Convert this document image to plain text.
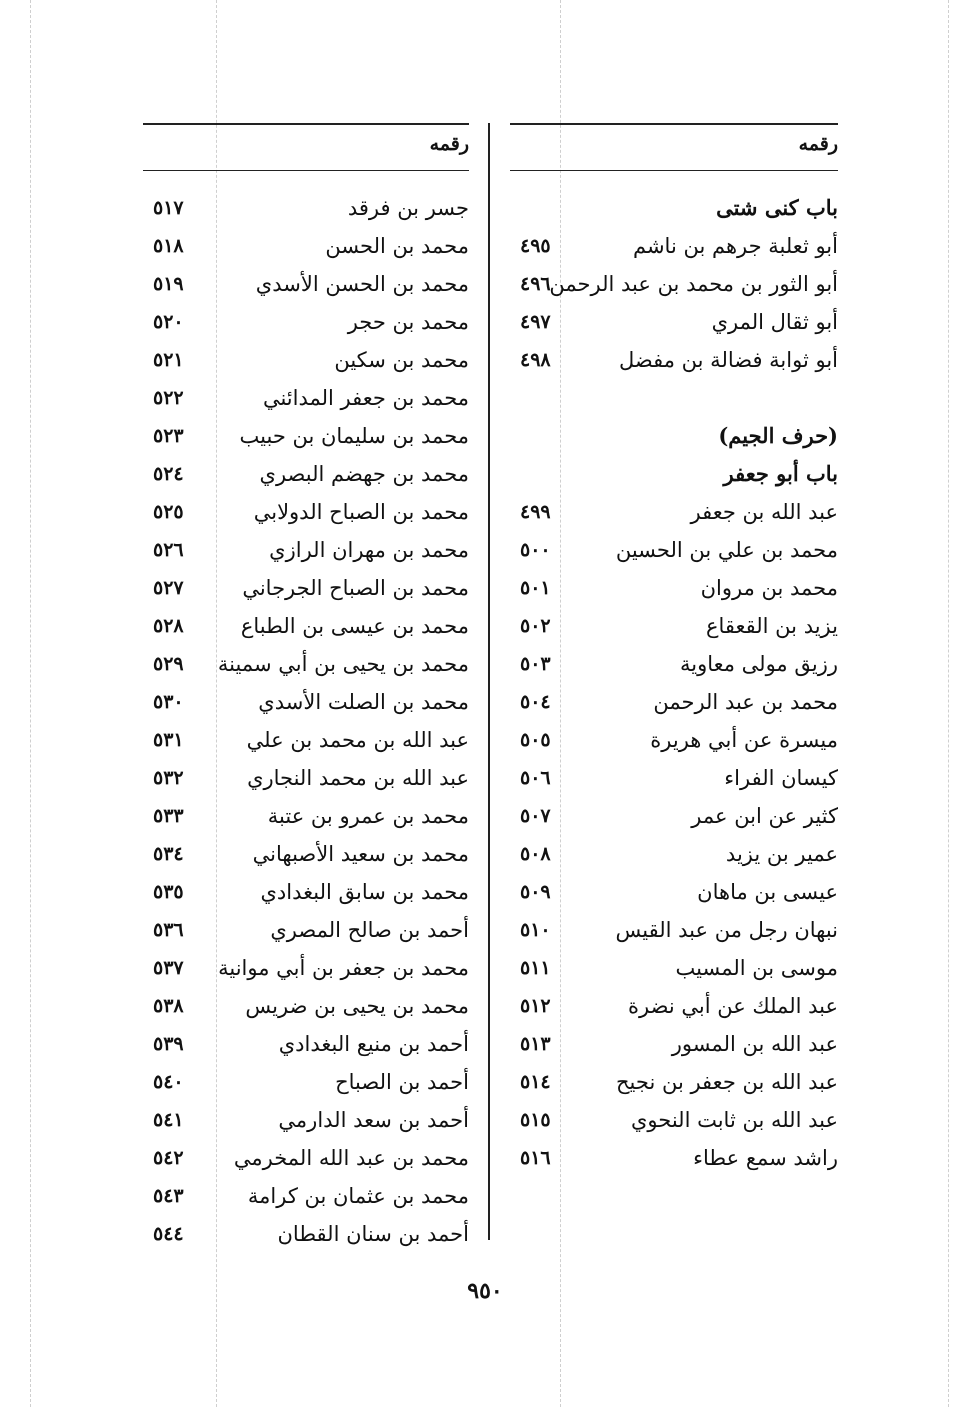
رقمه
جسر بن فرقد
٥١٧
محمد بن الحسن
٥١٨
محمد بن الحسن الأسدي
٥١٩
محمد بن حجر
٥٢٠
محمد بن سكين
٥٢١
محمد بن جعفر المدائني
٥٢٢
محمد بن سليمان بن حبيب
٥٢٣
محمد بن جهضم البصري
٥٢٤
محمد بن الصباح الدولابي
٥٢٥
محمد بن مهران الرازي
٥٢٦
محمد بن الصباح الجرجاني
٥٢٧
محمد بن عيسى بن الطباع
٥٢٨
محمد بن يحيى بن أبي سمينة
٥٢٩
محمد بن الصلت الأسدي
٥٣٠
عبد الله بن محمد بن علي
٥٣١
عبد الله بن محمد النجاري
٥٣٢
محمد بن عمرو بن عتبة
٥٣٣
محمد بن سعيد الأصبهاني
٥٣٤
محمد بن سابق البغدادي
٥٣٥
أحمد بن صالح المصري
٥٣٦
محمد بن جعفر بن أبي موانية
٥٣٧
محمد بن يحيى بن ضريس
٥٣٨
أحمد بن منيع البغدادي
٥٣٩
أحمد بن الصباح
٥٤٠
أحمد بن سعد الدارمي
٥٤١
محمد بن عبد الله المخرمي
٥٤٢
محمد بن عثمان بن كرامة
٥٤٣
أحمد بن سنان القطان
٥٤٤
رقمه
باب كنى شتى
أبو ثعلبة جرهم بن ناشم
٤٩٥
أبو الثور بن محمد بن عبد الرحمن
٤٩٦
أبو ثقال المري
٤٩٧
أبو ثوابة فضالة بن مفضل
٤٩٨
(حرف الجيم)
باب أبو جعفر
عبد الله بن جعفر
٤٩٩
محمد بن علي بن الحسين
٥٠٠
محمد بن مروان
٥٠١
يزيد بن القعقاع
٥٠٢
رزيق مولى معاوية
٥٠٣
محمد بن عبد الرحمن
٥٠٤
ميسرة عن أبي هريرة
٥٠٥
كيسان الفراء
٥٠٦
كثير عن ابن عمر
٥٠٧
عمير بن يزيد
٥٠٨
عيسى بن ماهان
٥٠٩
نبهان رجل من عبد القيس
٥١٠
موسى بن المسيب
٥١١
عبد الملك عن أبي نضرة
٥١٢
عبد الله بن المسور
٥١٣
عبد الله بن جعفر بن نجيح
٥١٤
عبد الله بن ثابت النحوي
٥١٥
راشد سمع عطاء
٥١٦
٩٥٠
